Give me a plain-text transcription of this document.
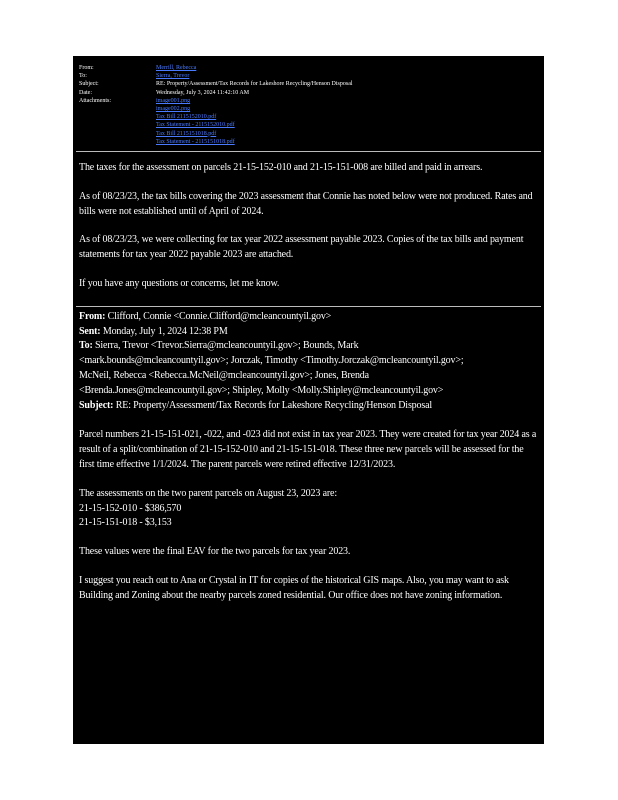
From:	Merrill, Rebecca
To:	Sierra, Trevor
Subject:	RE: Property/Assessment/Tax Records for Lakeshore Recycling/Henson Disposal
Date:	Wednesday, July 3, 2024 11:42:10 AM
Attachments:	image001.png
image002.png
Tax Bill 2115152010.pdf
Tax Statement - 2115152010.pdf
Tax Bill 2115151018.pdf
Tax Statement - 2115151018.pdf

The taxes for the assessment on parcels 21-15-152-010 and 21-15-151-008 are billed and paid in arrears.

As of 08/23/23, the tax bills covering the 2023 assessment that Connie has noted below were not produced. Rates and bills were not established until of April of 2024.

As of 08/23/23, we were collecting for tax year 2022 assessment payable 2023. Copies of the tax bills and payment statements for tax year 2022 payable 2023 are attached.

If you have any questions or concerns, let me know.

From: Clifford, Connie <Connie.Clifford@mcleancountyil.gov>
Sent: Monday, July 1, 2024 12:38 PM
To: Sierra, Trevor <Trevor.Sierra@mcleancountyil.gov>; Bounds, Mark
<mark.bounds@mcleancountyil.gov>; Jorczak, Timothy <Timothy.Jorczak@mcleancountyil.gov>;
McNeil, Rebecca <Rebecca.McNeil@mcleancountyil.gov>; Jones, Brenda
<Brenda.Jones@mcleancountyil.gov>; Shipley, Molly <Molly.Shipley@mcleancountyil.gov>
Subject: RE: Property/Assessment/Tax Records for Lakeshore Recycling/Henson Disposal

Parcel numbers 21-15-151-021, -022, and -023 did not exist in tax year 2023. They were created for tax year 2024 as a result of a split/combination of 21-15-152-010 and 21-15-151-018. These three new parcels will be assessed for the first time effective 1/1/2024. The parent parcels were retired effective 12/31/2023.

The assessments on the two parent parcels on August 23, 2023 are:
21-15-152-010 - $386,570
21-15-151-018 - $3,153

These values were the final EAV for the two parcels for tax year 2023.

I suggest you reach out to Ana or Crystal in IT for copies of the historical GIS maps. Also, you may want to ask Building and Zoning about the nearby parcels zoned residential. Our office does not have zoning information.
